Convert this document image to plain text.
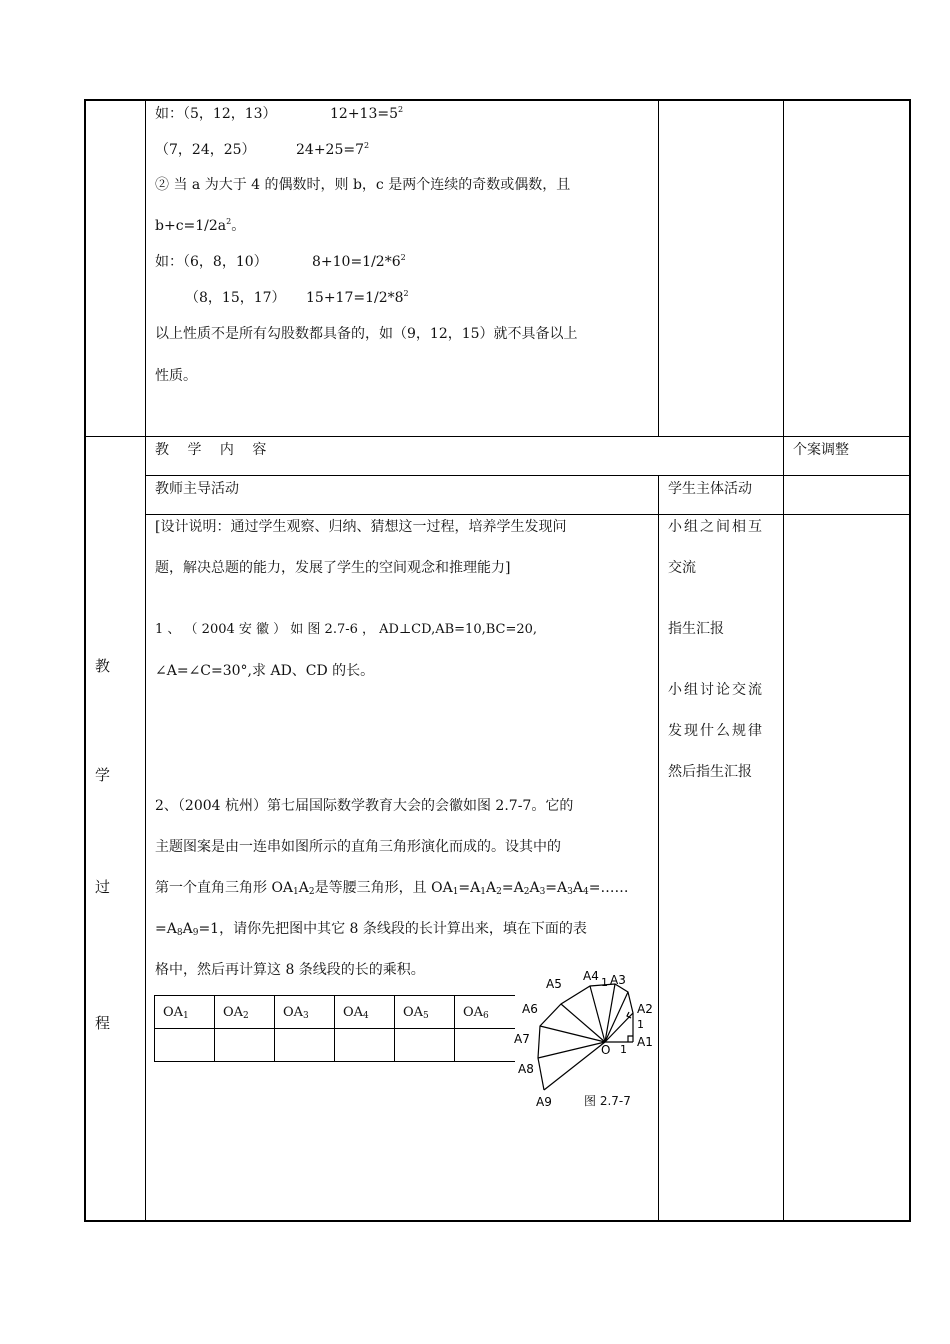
如：（5，12，13）	$12+13=5^2$
（7，24，25）	$24+25=7^2$
② 当 a 为大于 4 的偶数时，则 b，c 是两个连续的奇数或偶数，且
$b+c=1/2a^2$。
如：（6，8，10）	$8+10=1/2*6^2$
（8，15，17） $15+17=1/2*8^2$
以上性质不是所有勾股数都具备的，如（9，12，15）就不具备以上
性质。
教
学
过
程
教 学 内 容	个案调整
教师主导活动	学生主体活动
[设计说明：通过学生观察、归纳、猜想这一过程，培养学生发现问
题，解决总题的能力，发展了学生的空间观念和推理能力]
1 、 （ 2004 安 徽 ） 如 图 2.7-6 ， AD⊥CD,AB=10,BC=20,
∠A=∠C=30°,求 AD、CD 的长。
2、（2004 杭州）第七届国际数学教育大会的会徽如图 2.7-7。它的
主题图案是由一连串如图所示的直角三角形演化而成的。设其中的
第一个直角三角形 $OA_1A_2$是等腰三角形，且 $OA_1=A_1A_2=A_2A_3=A_3A_4=\dots\dots$
$=A_8A_9=1$，请你先把图中其它 8 条线段的长计算出来，填在下面的表
格中，然后再计算这 8 条线段的长的乘积。
$OA_1$	$OA_2$	$OA_3$	$OA_4$	$OA_5$	$OA_6$

A5
A4 A3
A2
A6
A7
O
A1
A8
A9
1
1
1
图 2.7-7
小组之间相互
交流
指生汇报
小组讨论交流
发现什么规律
然后指生汇报
